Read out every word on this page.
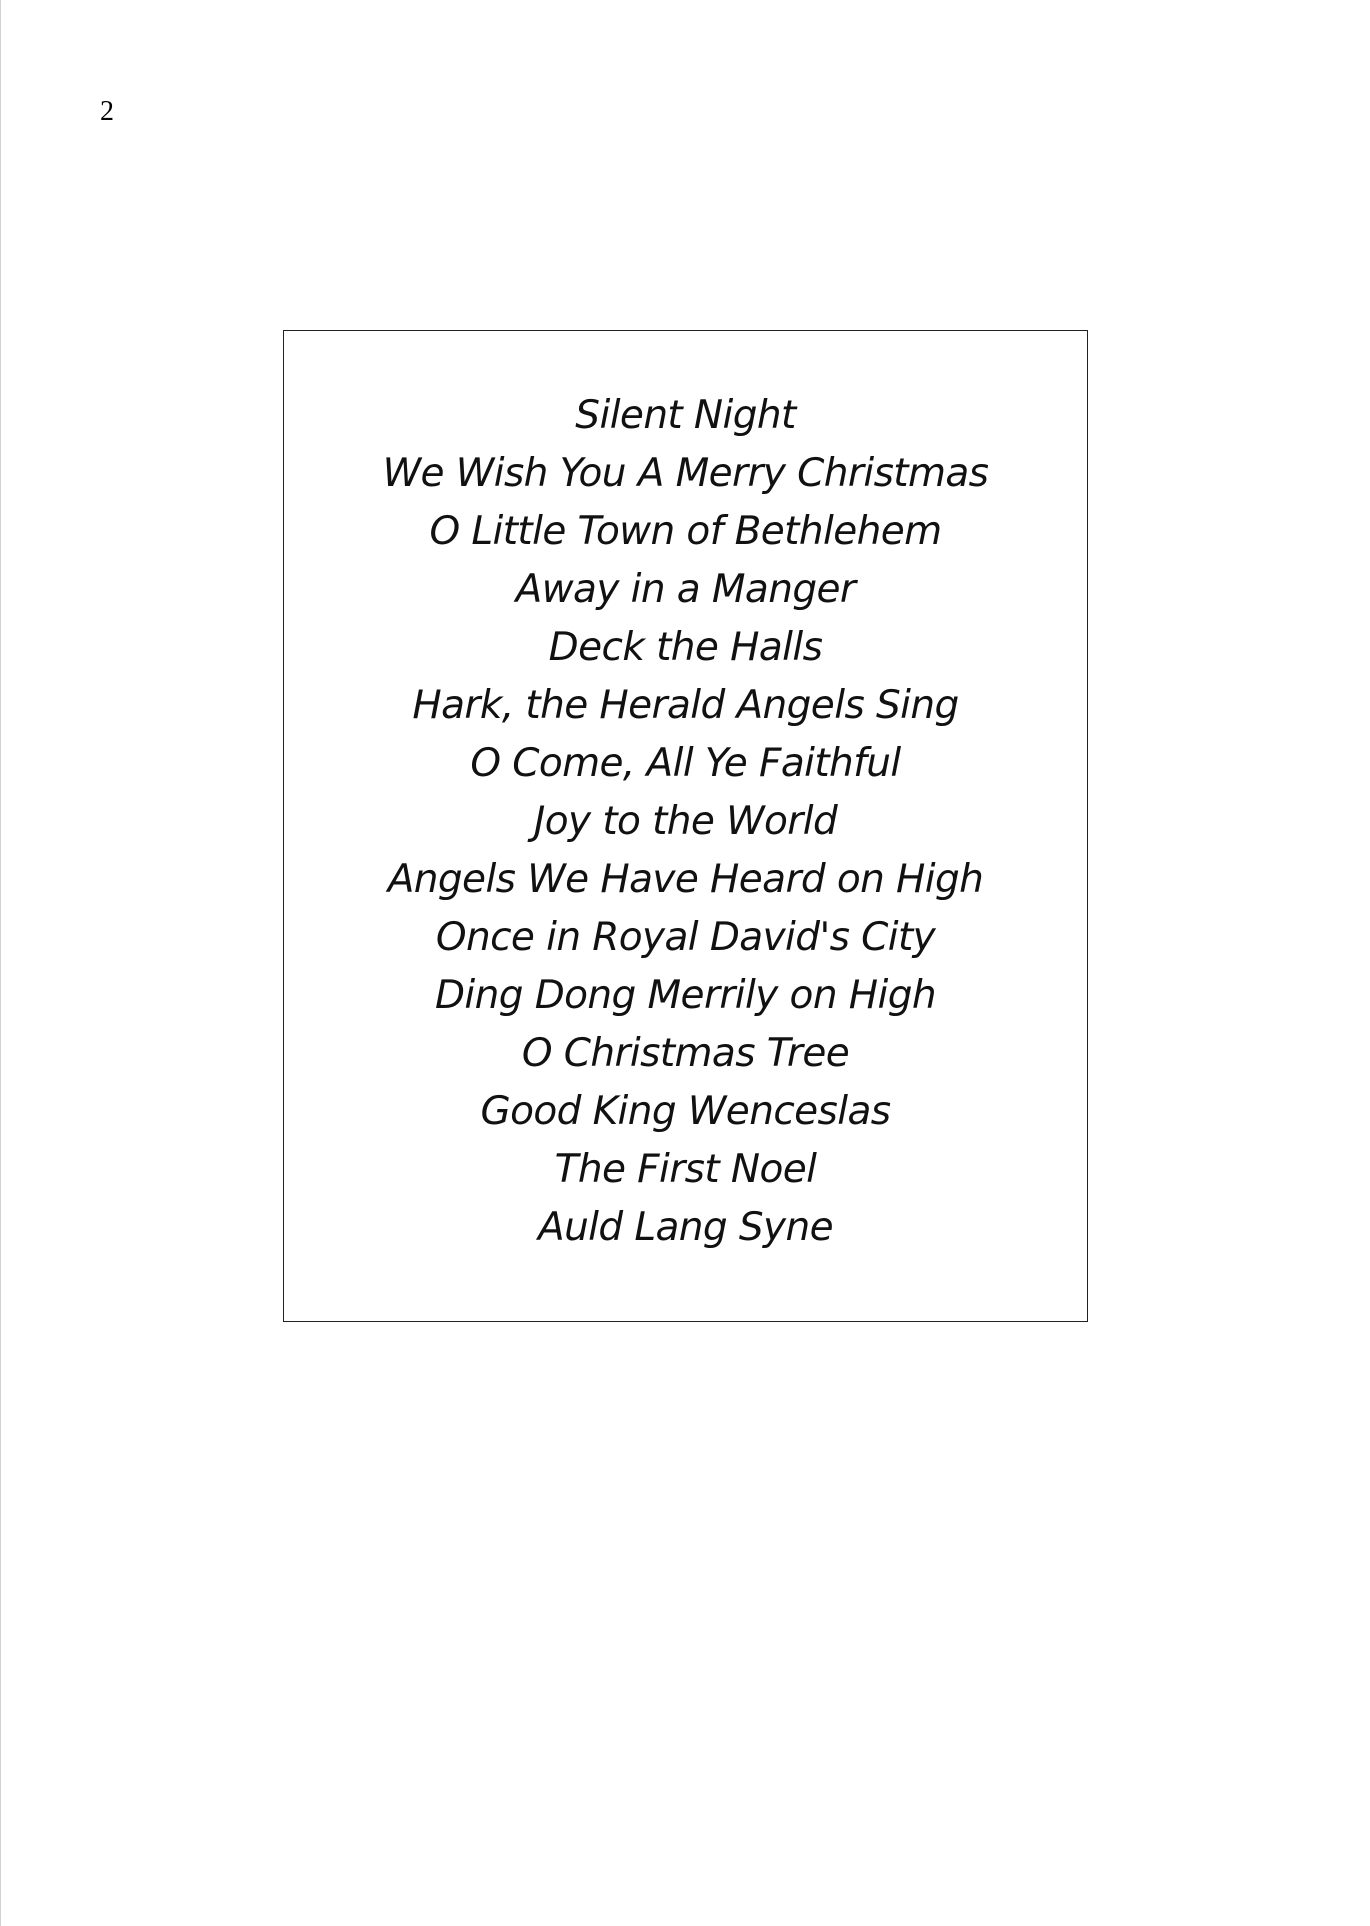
2
Silent Night
We Wish You A Merry Christmas
O Little Town of Bethlehem
Away in a Manger
Deck the Halls
Hark, the Herald Angels Sing
O Come, All Ye Faithful
Joy to the World
Angels We Have Heard on High
Once in Royal David's City
Ding Dong Merrily on High
O Christmas Tree
Good King Wenceslas
The First Noel
Auld Lang Syne
